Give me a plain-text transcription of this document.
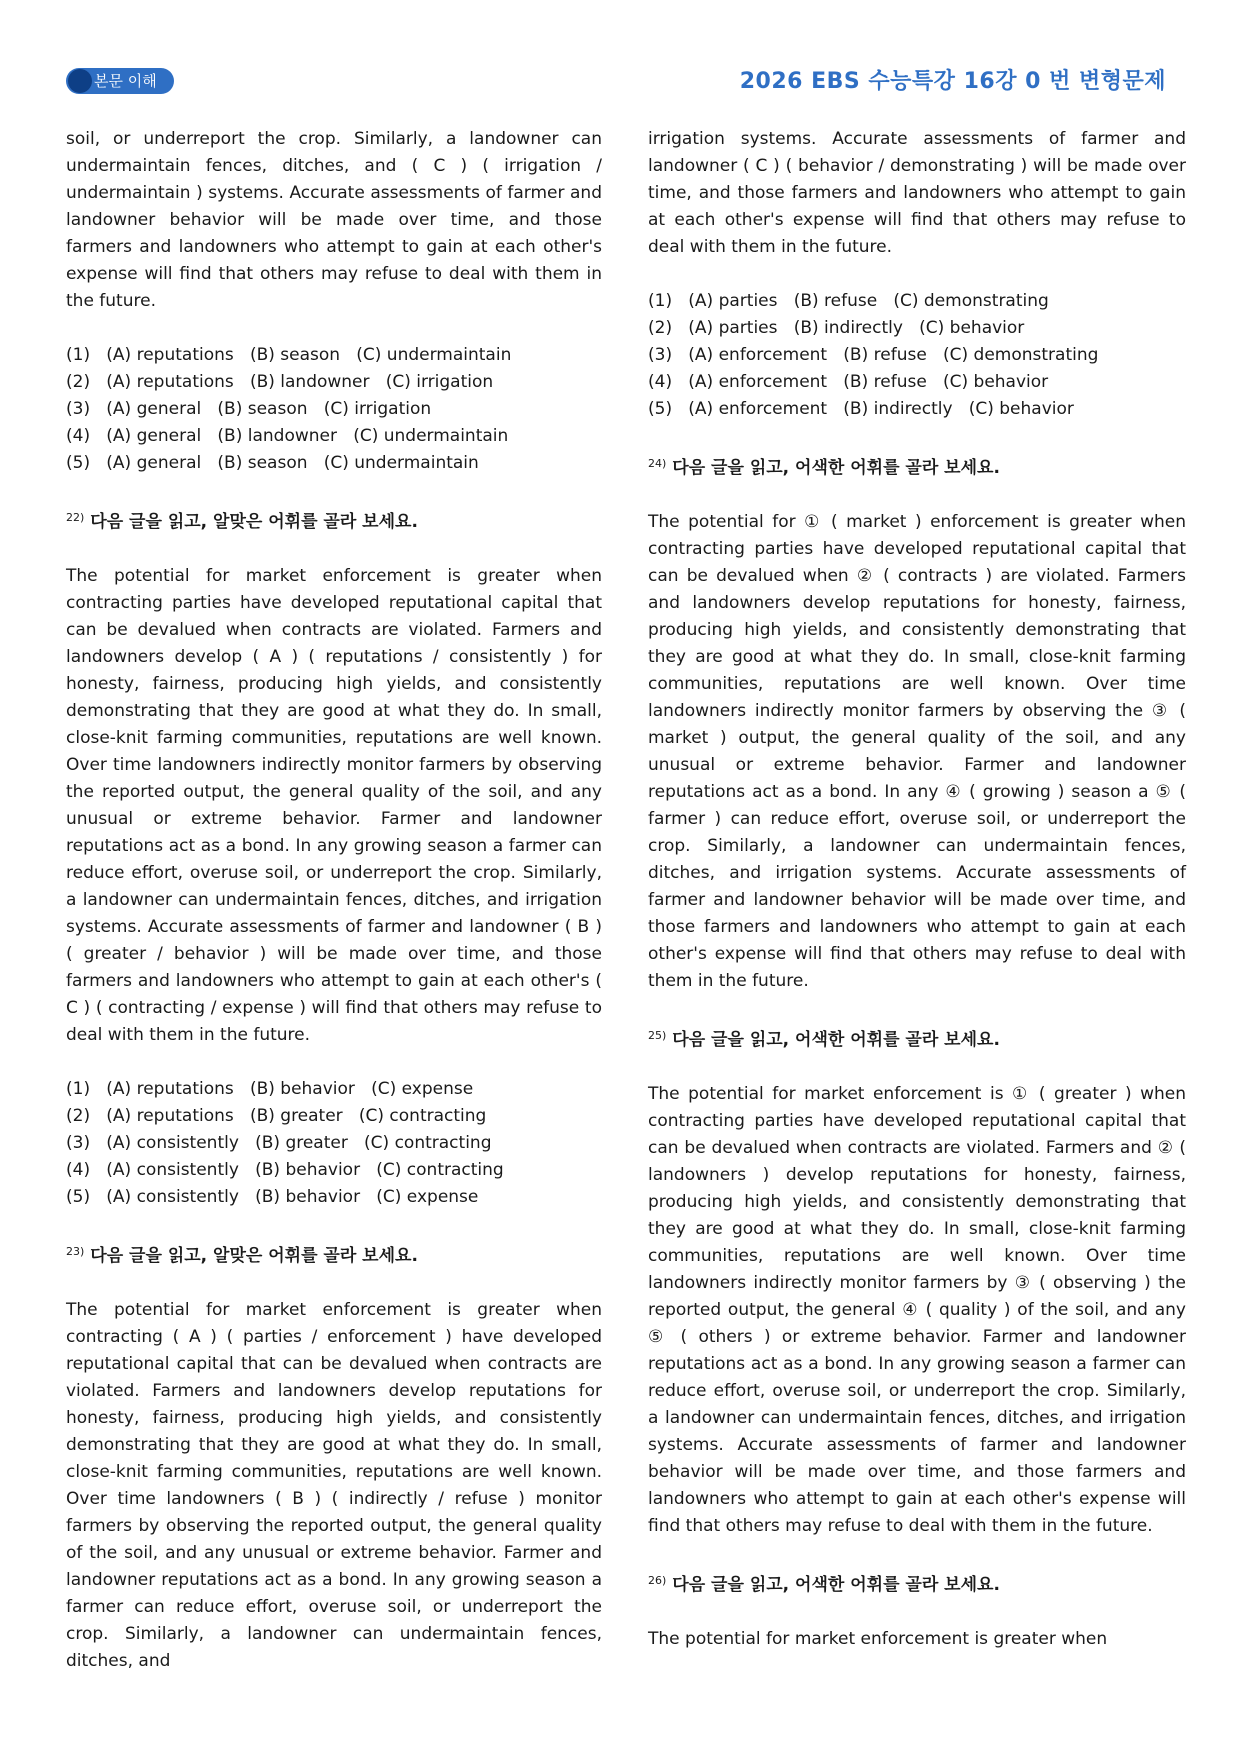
본문 이해	2026 EBS 수능특강 16강 0 번 변형문제

soil, or underreport the crop. Similarly, a landowner can undermaintain fences, ditches, and ( C ) ( irrigation / undermaintain ) systems. Accurate assessments of farmer and landowner behavior will be made over time, and those farmers and landowners who attempt to gain at each other's expense will find that others may refuse to deal with them in the future.

(1)   (A) reputations   (B) season   (C) undermaintain
(2)   (A) reputations   (B) landowner   (C) irrigation
(3)   (A) general   (B) season   (C) irrigation
(4)   (A) general   (B) landowner   (C) undermaintain
(5)   (A) general   (B) season   (C) undermaintain
$^{22)}$ 다음 글을 읽고, 알맞은 어휘를 골라 보세요.

The potential for market enforcement is greater when contracting parties have developed reputational capital that can be devalued when contracts are violated. Farmers and landowners develop ( A ) ( reputations / consistently ) for honesty, fairness, producing high yields, and consistently demonstrating that they are good at what they do. In small, close-knit farming communities, reputations are well known. Over time landowners indirectly monitor farmers by observing the reported output, the general quality of the soil, and any unusual or extreme behavior. Farmer and landowner reputations act as a bond. In any growing season a farmer can reduce effort, overuse soil, or underreport the crop. Similarly, a landowner can undermaintain fences, ditches, and irrigation systems. Accurate assessments of farmer and landowner ( B ) ( greater / behavior ) will be made over time, and those farmers and landowners who attempt to gain at each other's ( C ) ( contracting / expense ) will find that others may refuse to deal with them in the future.

(1)   (A) reputations   (B) behavior   (C) expense
(2)   (A) reputations   (B) greater   (C) contracting
(3)   (A) consistently   (B) greater   (C) contracting
(4)   (A) consistently   (B) behavior   (C) contracting
(5)   (A) consistently   (B) behavior   (C) expense
$^{23)}$ 다음 글을 읽고, 알맞은 어휘를 골라 보세요.

The potential for market enforcement is greater when contracting ( A ) ( parties / enforcement ) have developed reputational capital that can be devalued when contracts are violated. Farmers and landowners develop reputations for honesty, fairness, producing high yields, and consistently demonstrating that they are good at what they do. In small, close-knit farming communities, reputations are well known. Over time landowners ( B ) ( indirectly / refuse ) monitor farmers by observing the reported output, the general quality of the soil, and any unusual or extreme behavior. Farmer and landowner reputations act as a bond. In any growing season a farmer can reduce effort, overuse soil, or underreport the crop. Similarly, a landowner can undermaintain fences, ditches, and

irrigation systems. Accurate assessments of farmer and landowner ( C ) ( behavior / demonstrating ) will be made over time, and those farmers and landowners who attempt to gain at each other's expense will find that others may refuse to deal with them in the future.

(1)   (A) parties   (B) refuse   (C) demonstrating
(2)   (A) parties   (B) indirectly   (C) behavior
(3)   (A) enforcement   (B) refuse   (C) demonstrating
(4)   (A) enforcement   (B) refuse   (C) behavior
(5)   (A) enforcement   (B) indirectly   (C) behavior
$^{24)}$ 다음 글을 읽고, 어색한 어휘를 골라 보세요.

The potential for ① ( market ) enforcement is greater when contracting parties have developed reputational capital that can be devalued when ② ( contracts ) are violated. Farmers and landowners develop reputations for honesty, fairness, producing high yields, and consistently demonstrating that they are good at what they do. In small, close-knit farming communities, reputations are well known. Over time landowners indirectly monitor farmers by observing the ③ ( market ) output, the general quality of the soil, and any unusual or extreme behavior. Farmer and landowner reputations act as a bond. In any ④ ( growing ) season a ⑤ ( farmer ) can reduce effort, overuse soil, or underreport the crop. Similarly, a landowner can undermaintain fences, ditches, and irrigation systems. Accurate assessments of farmer and landowner behavior will be made over time, and those farmers and landowners who attempt to gain at each other's expense will find that others may refuse to deal with them in the future.

$^{25)}$ 다음 글을 읽고, 어색한 어휘를 골라 보세요.

The potential for market enforcement is ① ( greater ) when contracting parties have developed reputational capital that can be devalued when contracts are violated. Farmers and ② ( landowners ) develop reputations for honesty, fairness, producing high yields, and consistently demonstrating that they are good at what they do. In small, close-knit farming communities, reputations are well known. Over time landowners indirectly monitor farmers by ③ ( observing ) the reported output, the general ④ ( quality ) of the soil, and any ⑤ ( others ) or extreme behavior. Farmer and landowner reputations act as a bond. In any growing season a farmer can reduce effort, overuse soil, or underreport the crop. Similarly, a landowner can undermaintain fences, ditches, and irrigation systems. Accurate assessments of farmer and landowner behavior will be made over time, and those farmers and landowners who attempt to gain at each other's expense will find that others may refuse to deal with them in the future.

$^{26)}$ 다음 글을 읽고, 어색한 어휘를 골라 보세요.

The potential for market enforcement is greater when
